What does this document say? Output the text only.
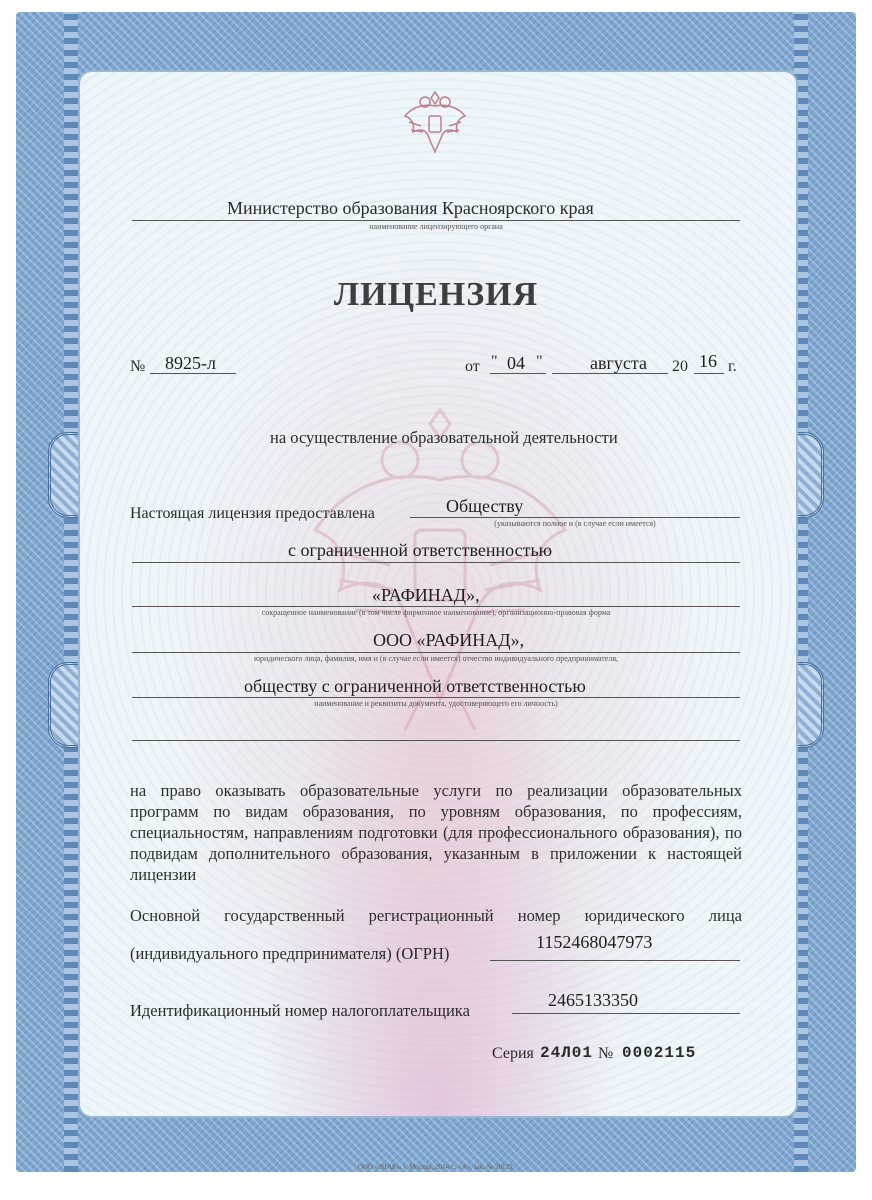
Министерство образования Красноярского края
наименование лицензирующего органа
ЛИЦЕНЗИЯ
№ 8925-л	от " 04 "	августа 20 16 г.
на осуществление образовательной деятельности
Настоящая лицензия предоставлена	Обществу
(указываются полное и (в случае если имеется)
с ограниченной ответственностью
«РАФИНАД»,
сокращенное наименование (в том числе фирменное наименование), организационно-правовая форма
ООО «РАФИНАД»,
юридического лица, фамилия, имя и (в случае если имеется) отчество индивидуального предпринимателя,
обществу с ограниченной ответственностью
наименование и реквизиты документа, удостоверяющего его личность)
на право оказывать образовательные услуги по реализации образовательных программ по видам образования, по уровням образования, по профессиям, специальностям, направлениям подготовки (для профессионального образования), по подвидам дополнительного образования, указанным в приложении к настоящей лицензии
Основной государственный регистрационный номер юридического лица
(индивидуального предпринимателя) (ОГРН)
1152468047973
Идентификационный номер налогоплательщика
2465133350
Серия 24Л01 № 0002115
ООО «ЗНАК», г. Москва, 2014 г., «А», зак. № 20129.
